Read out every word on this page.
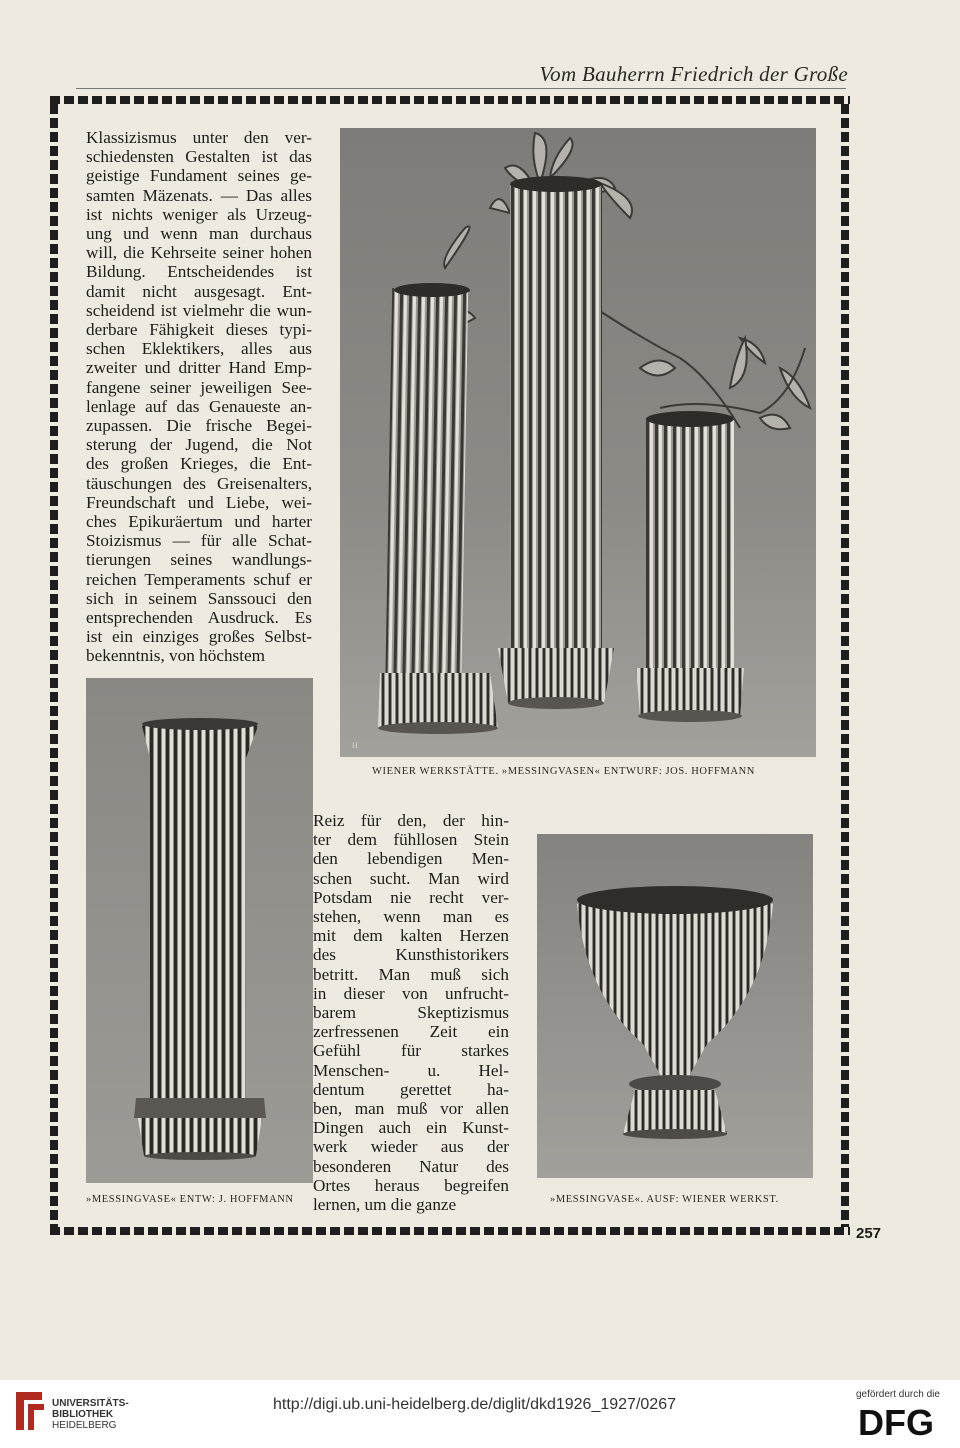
Vom Bauherrn Friedrich der Große
Klassizismus unter den ver-
schiedensten Gestalten ist das
geistige Fundament seines ge-
samten Mäzenats. — Das alles
ist nichts weniger als Urzeug-
ung und wenn man durchaus
will, die Kehrseite seiner hohen
Bildung. Entscheidendes ist
damit nicht ausgesagt. Ent-
scheidend ist vielmehr die wun-
derbare Fähigkeit dieses typi-
schen Eklektikers, alles aus
zweiter und dritter Hand Emp-
fangene seiner jeweiligen See-
lenlage auf das Genaueste an-
zupassen. Die frische Begei-
sterung der Jugend, die Not
des großen Krieges, die Ent-
täuschungen des Greisenalters,
Freundschaft und Liebe, wei-
ches Epikuräertum und harter
Stoizismus — für alle Schat-
tierungen seines wandlungs-
reichen Temperaments schuf er
sich in seinem Sanssouci den
entsprechenden Ausdruck. Es
ist ein einziges großes Selbst-
bekenntnis, von höchstem
H
WIENER WERKSTÄTTE. »MESSINGVASEN« ENTWURF: JOS. HOFFMANN
»MESSINGVASE« ENTW: J. HOFFMANN
Reiz für den, der hin-
ter dem fühllosen Stein
den lebendigen Men-
schen sucht. Man wird
Potsdam nie recht ver-
stehen, wenn man es
mit dem kalten Herzen
des Kunsthistorikers
betritt. Man muß sich
in dieser von unfrucht-
barem Skeptizismus
zerfressenen Zeit ein
Gefühl für starkes
Menschen- u. Hel-
dentum gerettet ha-
ben, man muß vor allen
Dingen auch ein Kunst-
werk wieder aus der
besonderen Natur des
Ortes heraus begreifen
lernen, um die ganze	»MESSINGVASE«. AUSF: WIENER WERKST.
257
UNIVERSITÄTS-
BIBLIOTHEK
HEIDELBERG
http://digi.ub.uni-heidelberg.de/diglit/dkd1926_1927/0267
gefördert durch die
DFG
